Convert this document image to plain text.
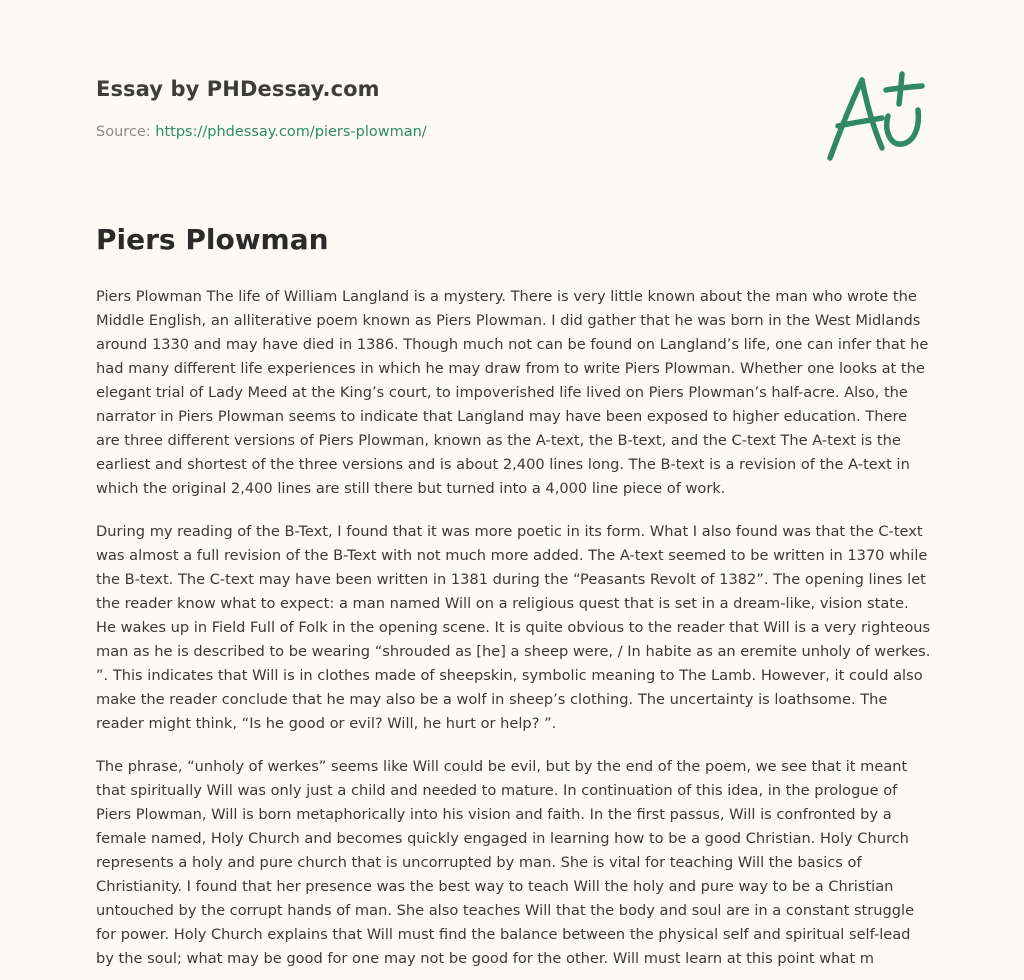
Essay by PHDessay.com

Source: https://phdessay.com/piers-plowman/

Piers Plowman

Piers Plowman The life of William Langland is a mystery. There is very little known about the man who wrote the Middle English, an alliterative poem known as Piers Plowman. I did gather that he was born in the West Midlands around 1330 and may have died in 1386. Though much not can be found on Langland’s life, one can infer that he had many different life experiences in which he may draw from to write Piers Plowman. Whether one looks at the elegant trial of Lady Meed at the King’s court, to impoverished life lived on Piers Plowman’s half-acre. Also, the narrator in Piers Plowman seems to indicate that Langland may have been exposed to higher education. There are three different versions of Piers Plowman, known as the A-text, the B-text, and the C-text The A-text is the earliest and shortest of the three versions and is about 2,400 lines long. The B-text is a revision of the A-text in which the original 2,400 lines are still there but turned into a 4,000 line piece of work.

During my reading of the B-Text, I found that it was more poetic in its form. What I also found was that the C-text was almost a full revision of the B-Text with not much more added. The A-text seemed to be written in 1370 while the B-text. The C-text may have been written in 1381 during the “Peasants Revolt of 1382”. The opening lines let the reader know what to expect: a man named Will on a religious quest that is set in a dream-like, vision state. He wakes up in Field Full of Folk in the opening scene. It is quite obvious to the reader that Will is a very righteous man as he is described to be wearing “shrouded as [he] a sheep were, / In habite as an eremite unholy of werkes. ”. This indicates that Will is in clothes made of sheepskin, symbolic meaning to The Lamb. However, it could also make the reader conclude that he may also be a wolf in sheep’s clothing. The uncertainty is loathsome. The reader might think, “Is he good or evil? Will, he hurt or help? ”.

The phrase, “unholy of werkes” seems like Will could be evil, but by the end of the poem, we see that it meant that spiritually Will was only just a child and needed to mature. In continuation of this idea, in the prologue of Piers Plowman, Will is born metaphorically into his vision and faith. In the first passus, Will is confronted by a female named, Holy Church and becomes quickly engaged in learning how to be a good Christian. Holy Church represents a holy and pure church that is uncorrupted by man. She is vital for teaching Will the basics of Christianity. I found that her presence was the best way to teach Will the holy and pure way to be a Christian untouched by the corrupt hands of man. She also teaches Will that the body and soul are in a constant struggle for power. Holy Church explains that Will must find the balance between the physical self and spiritual self-lead by the soul; what may be good for one may not be good for the other. Will must learn at this point what m
